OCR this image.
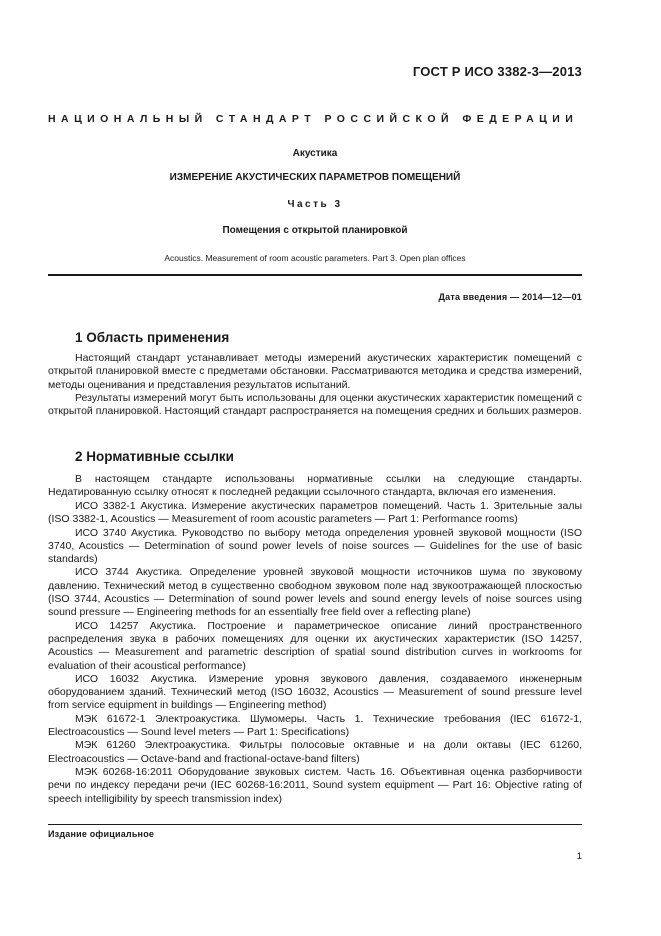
ГОСТ Р ИСО 3382-3—2013
НАЦИОНАЛЬНЫЙ СТАНДАРТ РОССИЙСКОЙ ФЕДЕРАЦИИ
Акустика
ИЗМЕРЕНИЕ АКУСТИЧЕСКИХ ПАРАМЕТРОВ ПОМЕЩЕНИЙ
Часть 3
Помещения с открытой планировкой
Acoustics. Measurement of room acoustic parameters. Part 3. Open plan offices
Дата введения — 2014—12—01
1 Область применения

Настоящий стандарт устанавливает методы измерений акустических характеристик помещений с открытой планировкой вместе с предметами обстановки. Рассматриваются методика и средства измерений, методы оценивания и представления результатов испытаний.

Результаты измерений могут быть использованы для оценки акустических характеристик помещений с открытой планировкой. Настоящий стандарт распространяется на помещения средних и больших размеров.

2 Нормативные ссылки

В настоящем стандарте использованы нормативные ссылки на следующие стандарты. Недатированную ссылку относят к последней редакции ссылочного стандарта, включая его изменения.

ИСО 3382-1 Акустика. Измерение акустических параметров помещений. Часть 1. Зрительные залы (ISO 3382-1, Acoustics — Measurement of room acoustic parameters — Part 1: Performance rooms)

ИСО 3740 Акустика. Руководство по выбору метода определения уровней звуковой мощности (ISO 3740, Acoustics — Determination of sound power levels of noise sources — Guidelines for the use of basic standards)

ИСО 3744 Акустика. Определение уровней звуковой мощности источников шума по звуковому давлению. Технический метод в существенно свободном звуковом поле над звукоотражающей плоскостью (ISO 3744, Acoustics — Determination of sound power levels and sound energy levels of noise sources using sound pressure — Engineering methods for an essentially free field over a reflecting plane)

ИСО 14257 Акустика. Построение и параметрическое описание линий пространственного распределения звука в рабочих помещениях для оценки их акустических характеристик (ISO 14257, Acoustics — Measurement and parametric description of spatial sound distribution curves in workrooms for evaluation of their acoustical performance)

ИСО 16032 Акустика. Измерение уровня звукового давления, создаваемого инженерным оборудованием зданий. Технический метод (ISO 16032, Acoustics — Measurement of sound pressure level from service equipment in buildings — Engineering method)

МЭК 61672-1 Электроакустика. Шумомеры. Часть 1. Технические требования (IEC 61672-1, Electroacoustics — Sound level meters — Part 1: Specifications)

МЭК 61260 Электроакустика. Фильтры полосовые октавные и на доли октавы (IEC 61260, Electroacoustics — Octave-band and fractional-octave-band filters)

МЭК 60268-16:2011 Оборудование звуковых систем. Часть 16. Объективная оценка разборчивости речи по индексу передачи речи (IEC 60268-16:2011, Sound system equipment — Part 16: Objective rating of speech intelligibility by speech transmission index)

Издание официальное
1
